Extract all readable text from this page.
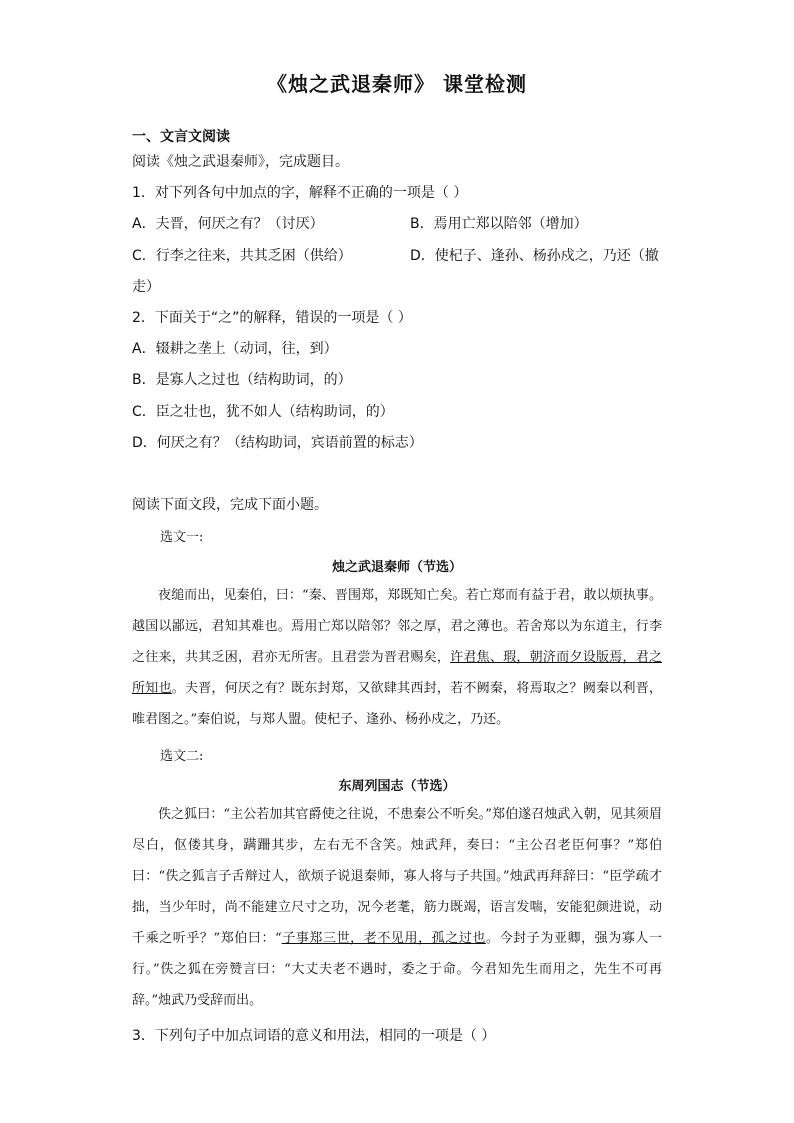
《烛之武退秦师》 课堂检测
一、文言文阅读
阅读《烛之武退秦师》，完成题目。
1．对下列各句中加点的字，解释不正确的一项是（ ）
A．夫晋，何厌之有？（讨厌）	B．焉用亡郑以陪邻（增加）
C．行李之往来，共其乏困（供给）	D．使杞子、逢孙、杨孙戍之，乃还（撤
走）
2．下面关于“之”的解释，错误的一项是（ ）
A．辍耕之垄上（动词，往，到）
B．是寡人之过也（结构助词，的）
C．臣之壮也，犹不如人（结构助词，的）
D．何厌之有？（结构助词，宾语前置的标志）
阅读下面文段，完成下面小题。
选文一:
烛之武退秦师（节选）
夜缒而出，见秦伯，曰：“秦、晋围郑，郑既知亡矣。若亡郑而有益于君，敢以烦执事。越国以鄙远，君知其难也。焉用亡郑以陪邻？邻之厚，君之薄也。若舍郑以为东道主，行李之往来，共其乏困，君亦无所害。且君尝为晋君赐矣，许君焦、瑕，朝济而夕设版焉，君之所知也。夫晋，何厌之有？既东封郑，又欲肆其西封，若不阙秦，将焉取之？阙秦以利晋，唯君图之。”秦伯说，与郑人盟。使杞子、逢孙、杨孙戍之，乃还。
选文二:
东周列国志（节选）
佚之狐曰：“主公若加其官爵使之往说，不患秦公不听矣。”郑伯遂召烛武入朝，见其须眉尽白，伛偻其身，蹒跚其步，左右无不含笑。烛武拜，奏曰：“主公召老臣何事？”郑伯曰：“佚之狐言子舌辩过人，欲烦子说退秦师，寡人将与子共国。”烛武再拜辞曰：“臣学疏才拙，当少年时，尚不能建立尺寸之功，况今老耄，筋力既竭，语言发喘，安能犯颜进说，动千乘之听乎？”郑伯曰：“子事郑三世，老不见用，孤之过也。今封子为亚卿，强为寡人一行。”佚之狐在旁赞言曰：“大丈夫老不遇时，委之于命。今君知先生而用之，先生不可再辞。”烛武乃受辞而出。
3．下列句子中加点词语的意义和用法，相同的一项是（ ）
